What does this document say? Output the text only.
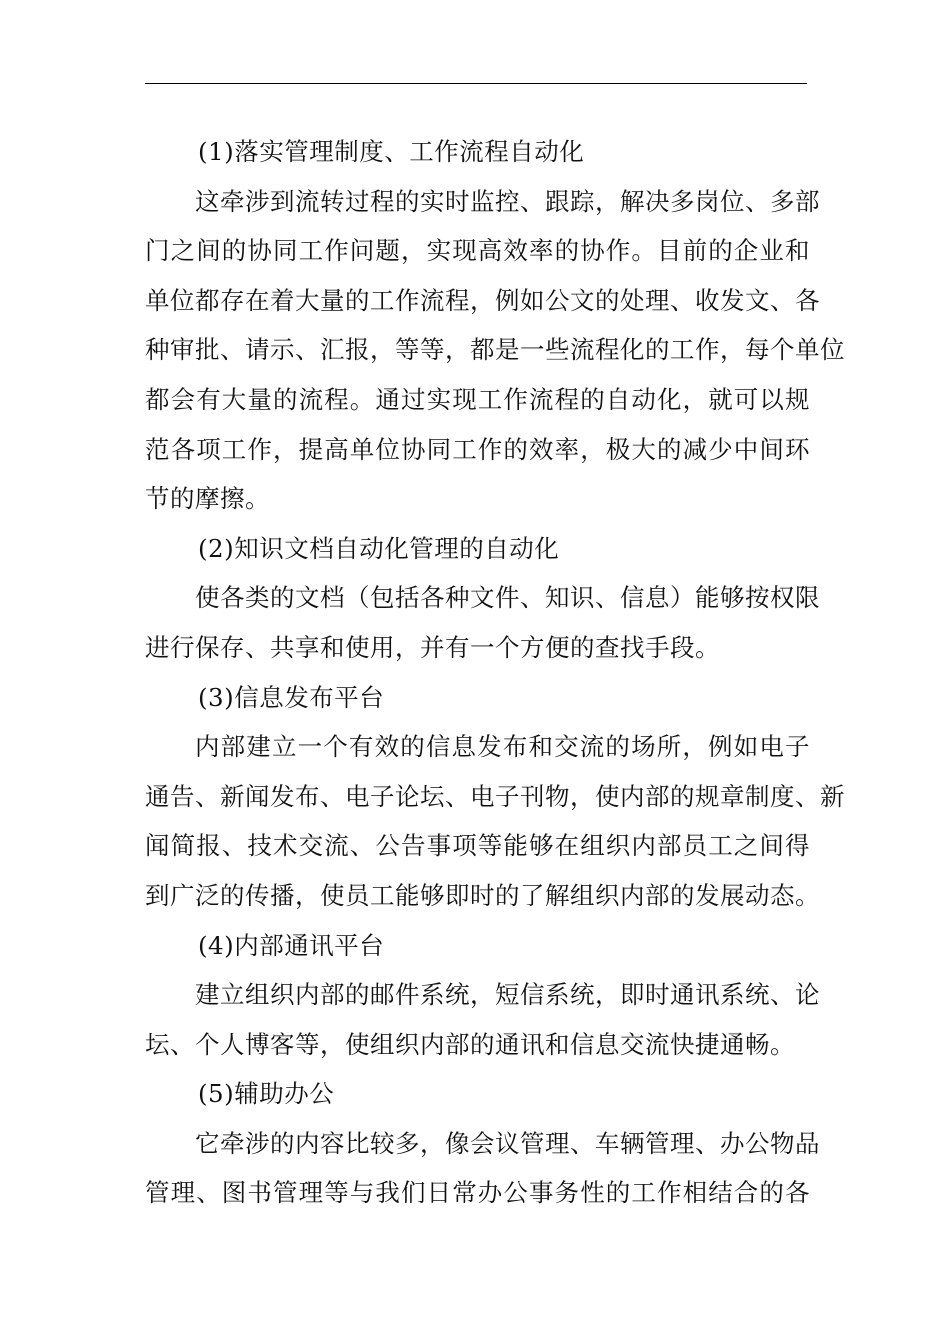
(1)落实管理制度、工作流程自动化
这牵涉到流转过程的实时监控、跟踪，解决多岗位、多部
门之间的协同工作问题，实现高效率的协作。目前的企业和
单位都存在着大量的工作流程，例如公文的处理、收发文、各
种审批、请示、汇报，等等，都是一些流程化的工作，每个单位
都会有大量的流程。通过实现工作流程的自动化，就可以规
范各项工作，提高单位协同工作的效率，极大的减少中间环
节的摩擦。
(2)知识文档自动化管理的自动化
使各类的文档（包括各种文件、知识、信息）能够按权限
进行保存、共享和使用，并有一个方便的查找手段。
(3)信息发布平台
内部建立一个有效的信息发布和交流的场所，例如电子
通告、新闻发布、电子论坛、电子刊物，使内部的规章制度、新
闻简报、技术交流、公告事项等能够在组织内部员工之间得
到广泛的传播，使员工能够即时的了解组织内部的发展动态。
(4)内部通讯平台
建立组织内部的邮件系统，短信系统，即时通讯系统、论
坛、个人博客等，使组织内部的通讯和信息交流快捷通畅。
(5)辅助办公
它牵涉的内容比较多，像会议管理、车辆管理、办公物品
管理、图书管理等与我们日常办公事务性的工作相结合的各
